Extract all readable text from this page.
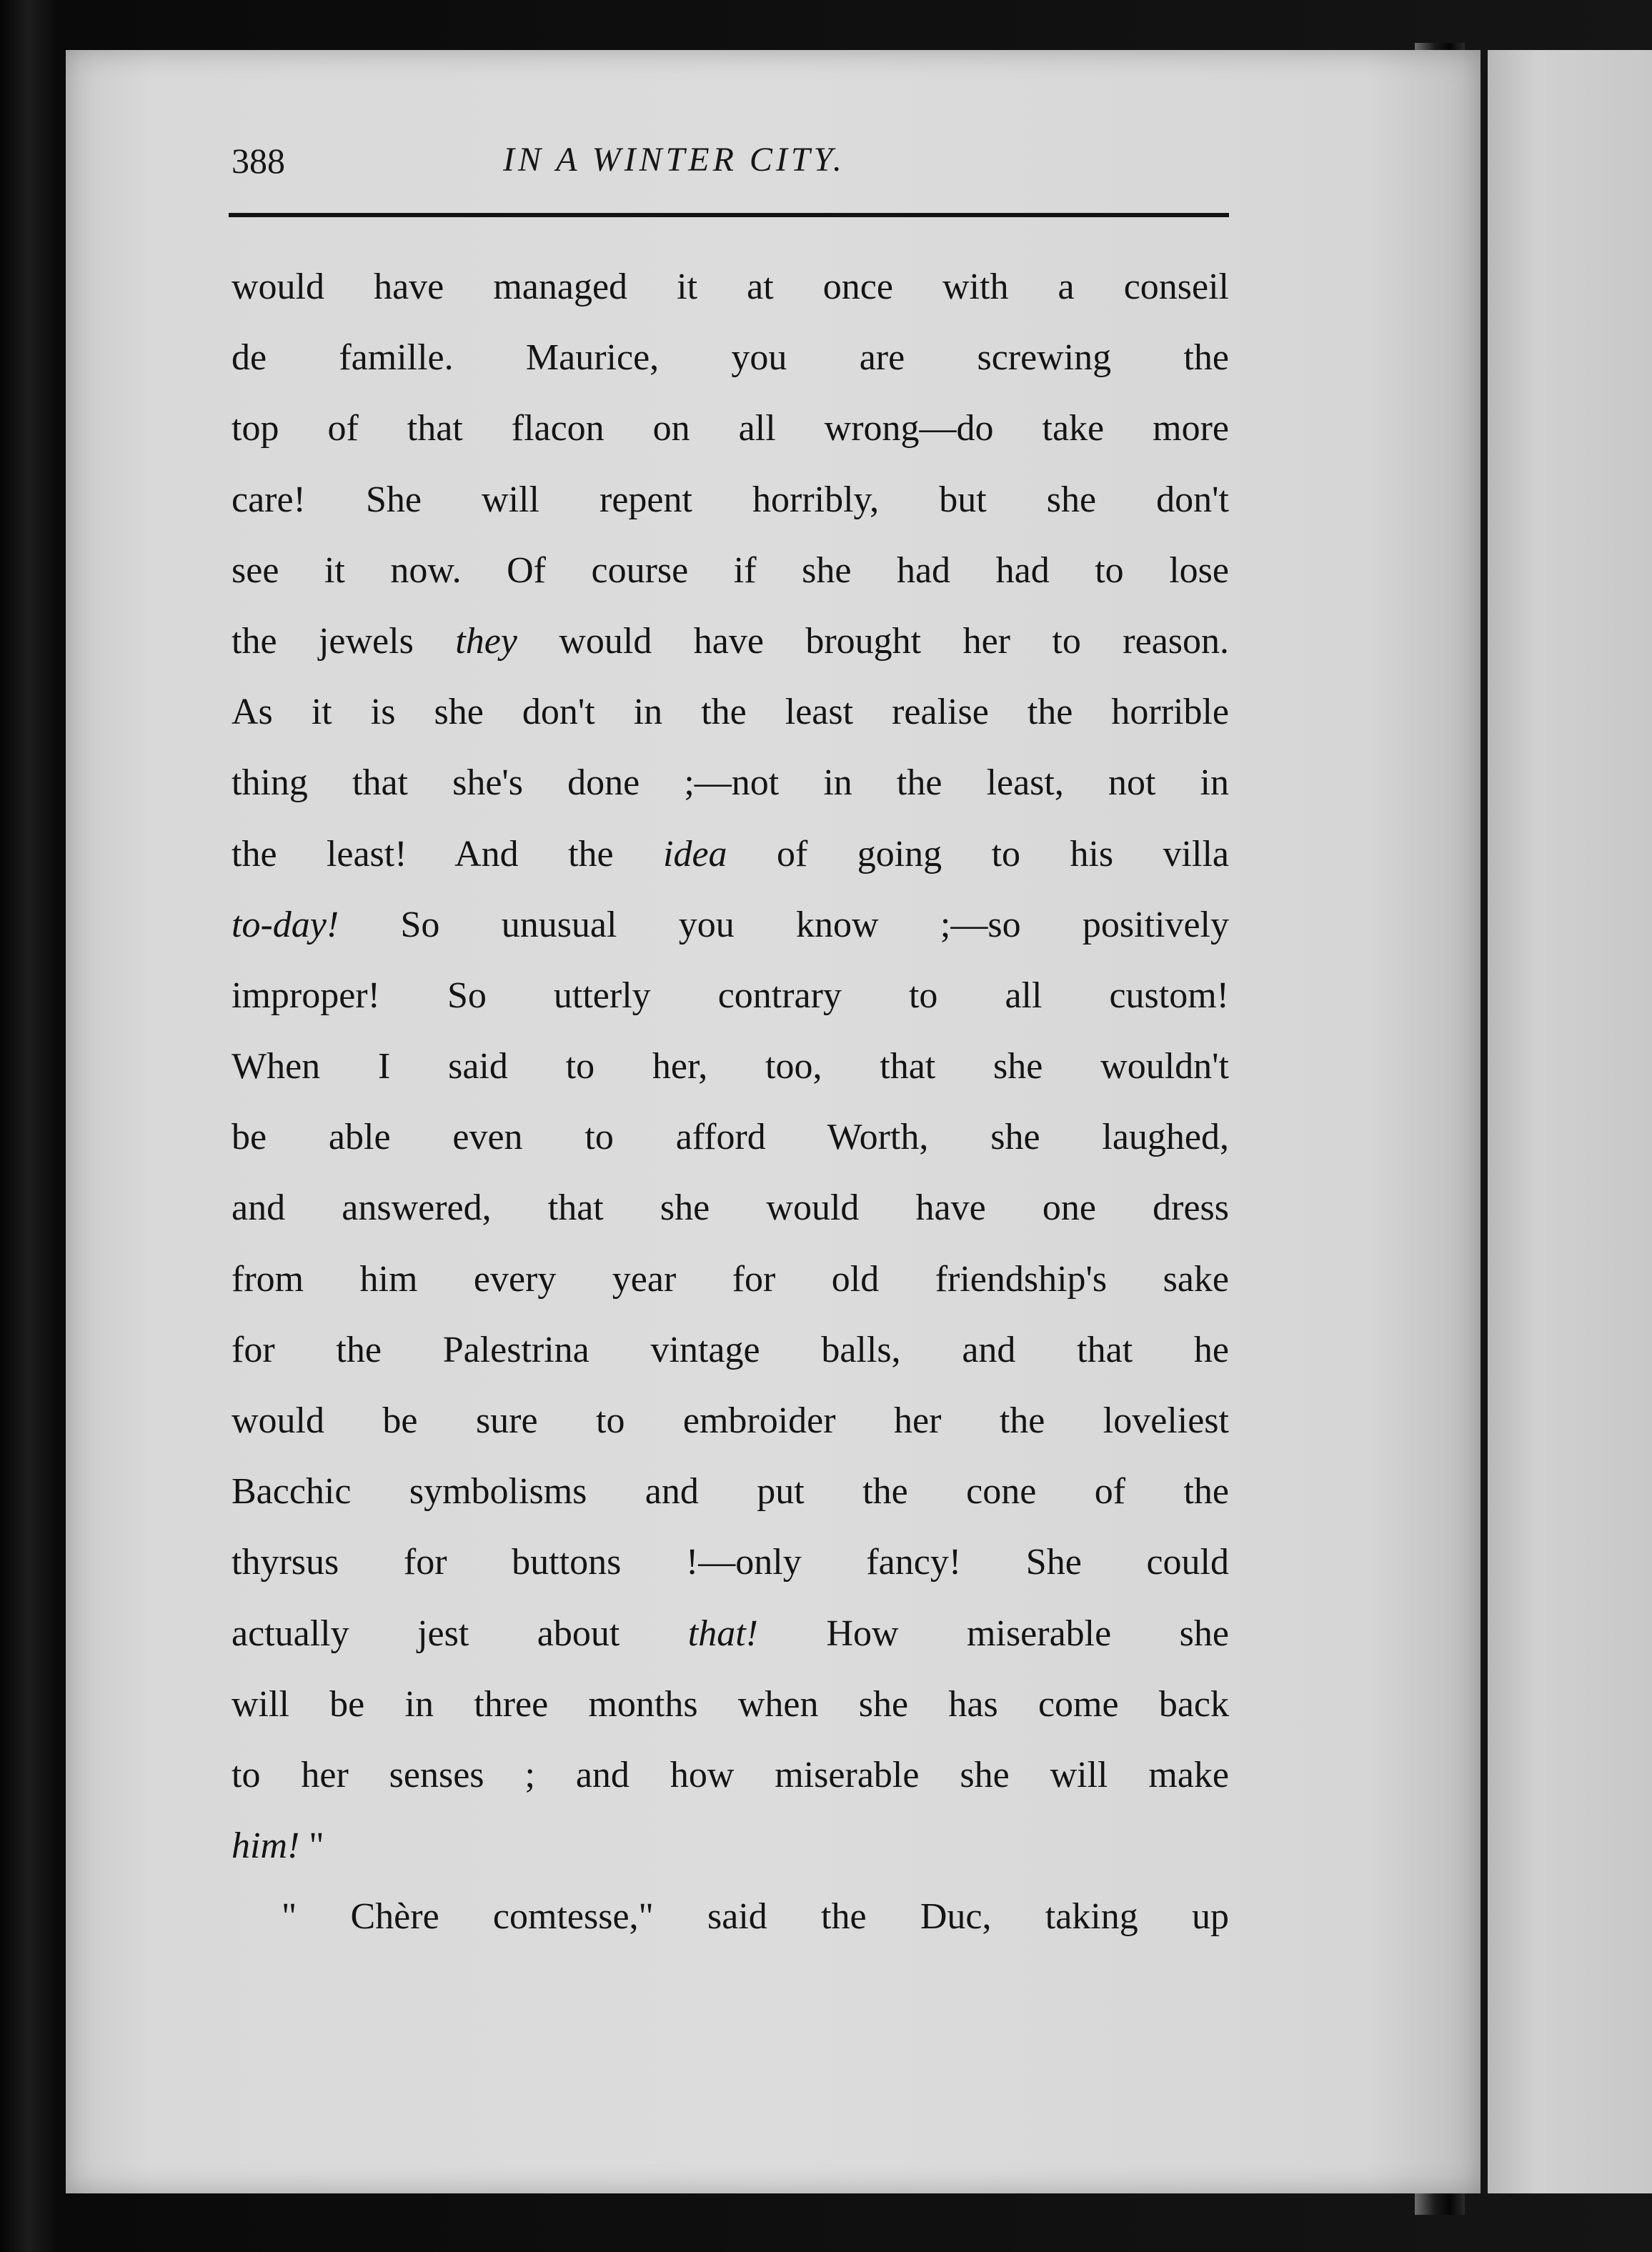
388	IN A WINTER CITY.
would have managed it at once with a conseil
de famille. Maurice, you are screwing the
top of that flacon on all wrong—do take more
care! She will repent horribly, but she don't
see it now. Of course if she had had to lose
the jewels they would have brought her to reason.
As it is she don't in the least realise the horrible
thing that she's done ;—not in the least, not in
the least! And the idea of going to his villa
to-day! So unusual you know ;—so positively
improper! So utterly contrary to all custom!
When I said to her, too, that she wouldn't
be able even to afford Worth, she laughed,
and answered, that she would have one dress
from him every year for old friendship's sake
for the Palestrina vintage balls, and that he
would be sure to embroider her the loveliest
Bacchic symbolisms and put the cone of the
thyrsus for buttons !—only fancy! She could
actually jest about that! How miserable she
will be in three months when she has come back
to her senses ; and how miserable she will make
him! "
" Chère comtesse," said the Duc, taking up
